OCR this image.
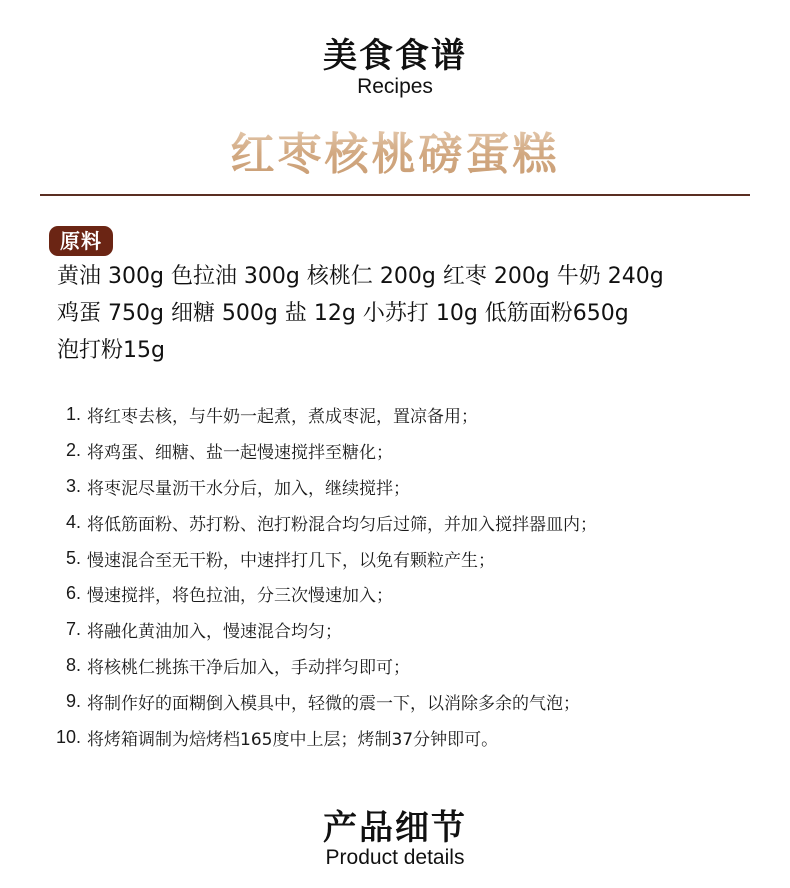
美食食谱
Recipes
红枣核桃磅蛋糕
原料
黄油 300g 色拉油 300g 核桃仁 200g 红枣 200g 牛奶 240g
鸡蛋 750g 细糖 500g 盐 12g 小苏打 10g 低筋面粉650g
泡打粉15g
1. 将红枣去核，与牛奶一起煮，煮成枣泥，置凉备用；
2. 将鸡蛋、细糖、盐一起慢速搅拌至糖化；
3. 将枣泥尽量沥干水分后，加入，继续搅拌；
4. 将低筋面粉、苏打粉、泡打粉混合均匀后过筛，并加入搅拌器皿内；
5. 慢速混合至无干粉，中速拌打几下，以免有颗粒产生；
6. 慢速搅拌，将色拉油，分三次慢速加入；
7. 将融化黄油加入，慢速混合均匀；
8. 将核桃仁挑拣干净后加入，手动拌匀即可；
9. 将制作好的面糊倒入模具中，轻微的震一下，以消除多余的气泡；
10. 将烤箱调制为焙烤档165度中上层；烤制37分钟即可。
产品细节
Product details
